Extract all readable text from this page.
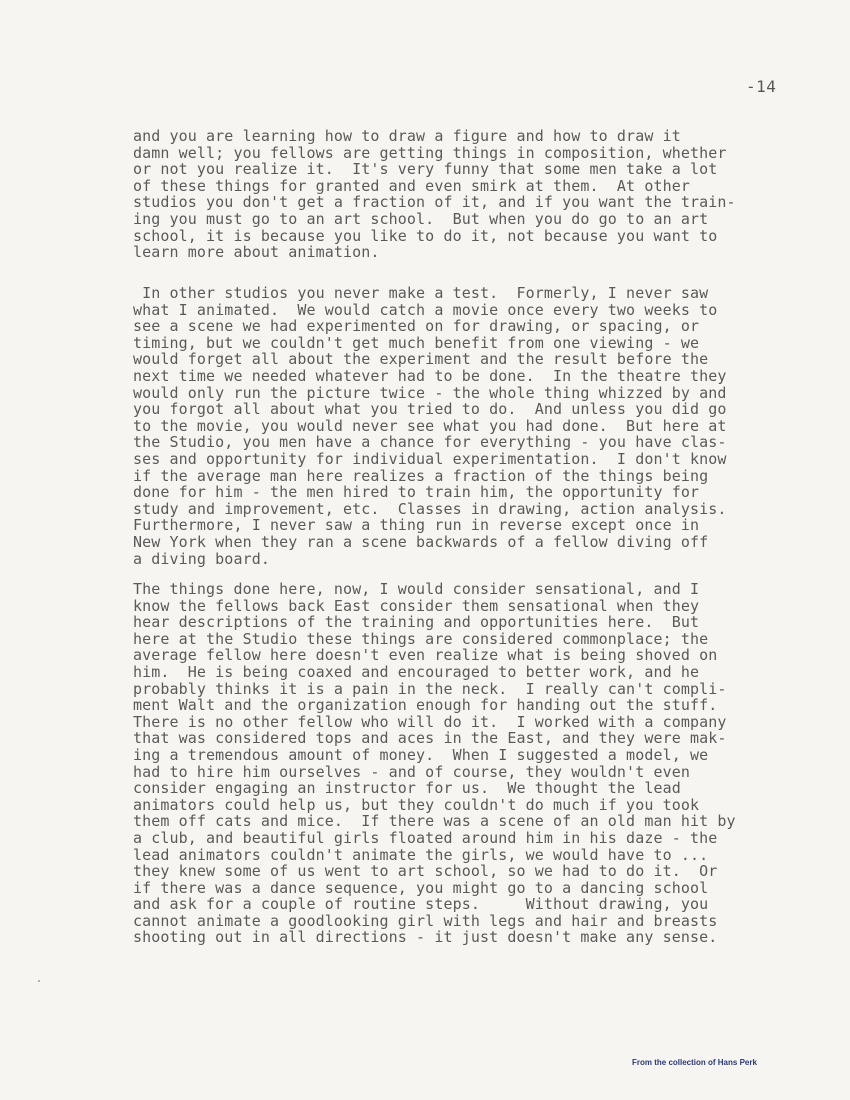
-14
and you are learning how to draw a figure and how to draw it
damn well; you fellows are getting things in composition, whether
or not you realize it.  It's very funny that some men take a lot
of these things for granted and even smirk at them.  At other
studios you don't get a fraction of it, and if you want the train-
ing you must go to an art school.  But when you do go to an art
school, it is because you like to do it, not because you want to
learn more about animation.
In other studios you never make a test.  Formerly, I never saw
what I animated.  We would catch a movie once every two weeks to
see a scene we had experimented on for drawing, or spacing, or
timing, but we couldn't get much benefit from one viewing - we
would forget all about the experiment and the result before the
next time we needed whatever had to be done.  In the theatre they
would only run the picture twice - the whole thing whizzed by and
you forgot all about what you tried to do.  And unless you did go
to the movie, you would never see what you had done.  But here at
the Studio, you men have a chance for everything - you have clas-
ses and opportunity for individual experimentation.  I don't know
if the average man here realizes a fraction of the things being
done for him - the men hired to train him, the opportunity for
study and improvement, etc.  Classes in drawing, action analysis.
Furthermore, I never saw a thing run in reverse except once in
New York when they ran a scene backwards of a fellow diving off
a diving board.
The things done here, now, I would consider sensational, and I
know the fellows back East consider them sensational when they
hear descriptions of the training and opportunities here.  But
here at the Studio these things are considered commonplace; the
average fellow here doesn't even realize what is being shoved on
him.  He is being coaxed and encouraged to better work, and he
probably thinks it is a pain in the neck.  I really can't compli-
ment Walt and the organization enough for handing out the stuff.
There is no other fellow who will do it.  I worked with a company
that was considered tops and aces in the East, and they were mak-
ing a tremendous amount of money.  When I suggested a model, we
had to hire him ourselves - and of course, they wouldn't even
consider engaging an instructor for us.  We thought the lead
animators could help us, but they couldn't do much if you took
them off cats and mice.  If there was a scene of an old man hit by
a club, and beautiful girls floated around him in his daze - the
lead animators couldn't animate the girls, we would have to ...
they knew some of us went to art school, so we had to do it.  Or
if there was a dance sequence, you might go to a dancing school
and ask for a couple of routine steps.     Without drawing, you
cannot animate a goodlooking girl with legs and hair and breasts
shooting out in all directions - it just doesn't make any sense.
From the collection of Hans Perk
